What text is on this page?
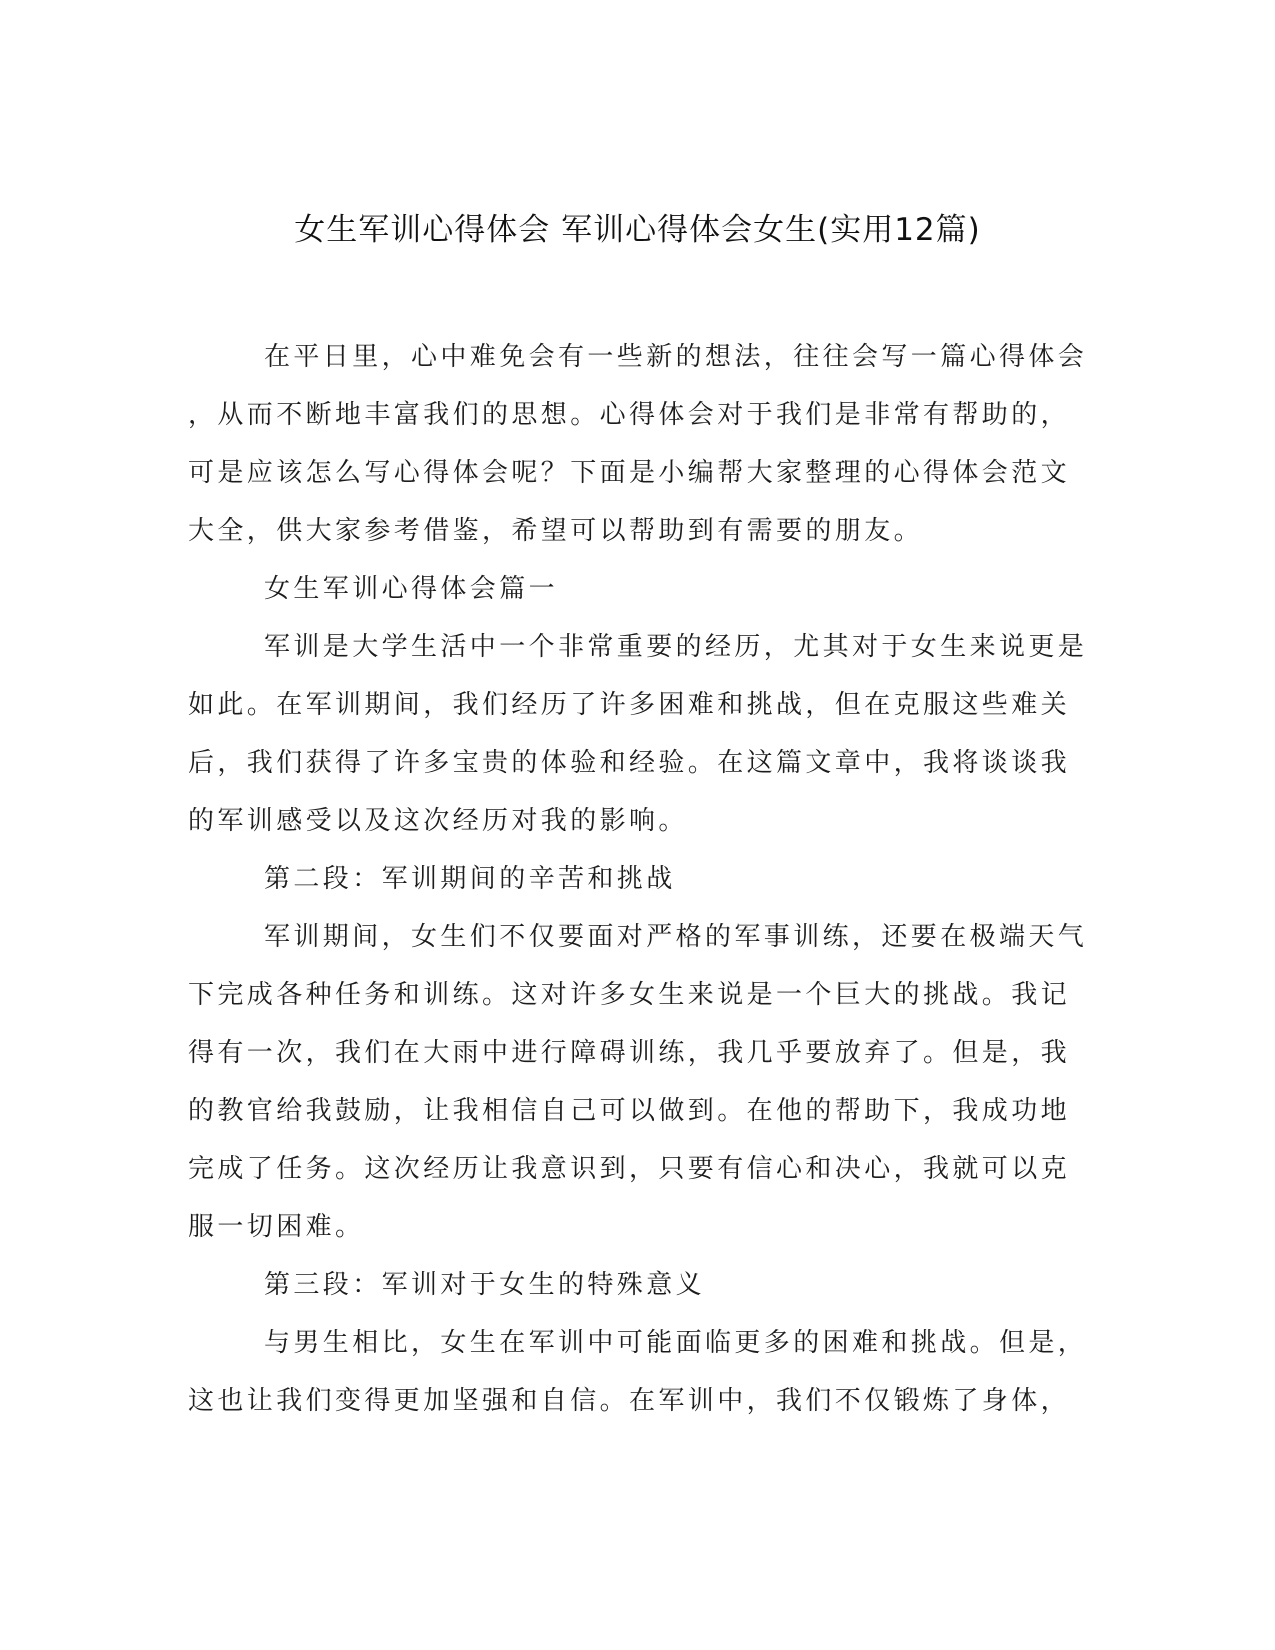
女生军训心得体会 军训心得体会女生(实用12篇)
在平日里，心中难免会有一些新的想法，往往会写一篇心得体会
，从而不断地丰富我们的思想。心得体会对于我们是非常有帮助的，
可是应该怎么写心得体会呢？下面是小编帮大家整理的心得体会范文
大全，供大家参考借鉴，希望可以帮助到有需要的朋友。
女生军训心得体会篇一
军训是大学生活中一个非常重要的经历，尤其对于女生来说更是
如此。在军训期间，我们经历了许多困难和挑战，但在克服这些难关
后，我们获得了许多宝贵的体验和经验。在这篇文章中，我将谈谈我
的军训感受以及这次经历对我的影响。
第二段：军训期间的辛苦和挑战
军训期间，女生们不仅要面对严格的军事训练，还要在极端天气
下完成各种任务和训练。这对许多女生来说是一个巨大的挑战。我记
得有一次，我们在大雨中进行障碍训练，我几乎要放弃了。但是，我
的教官给我鼓励，让我相信自己可以做到。在他的帮助下，我成功地
完成了任务。这次经历让我意识到，只要有信心和决心，我就可以克
服一切困难。
第三段：军训对于女生的特殊意义
与男生相比，女生在军训中可能面临更多的困难和挑战。但是，
这也让我们变得更加坚强和自信。在军训中，我们不仅锻炼了身体，
